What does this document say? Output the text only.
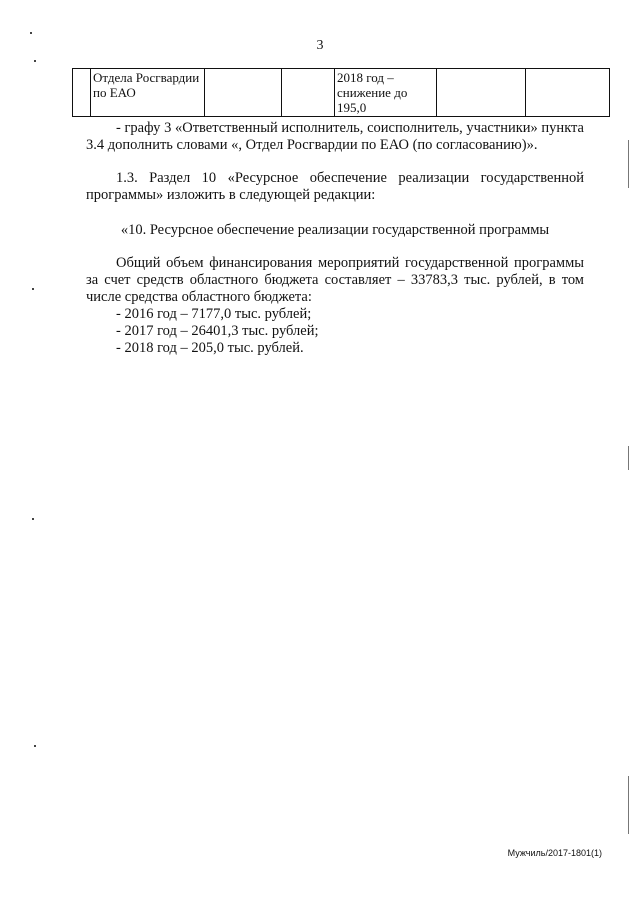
3
	Отдела Росгвардии по ЕАО			2018 год – снижение до 195,0		

- графу 3 «Ответственный исполнитель, соисполнитель, участники» пункта 3.4 дополнить словами «, Отдел Росгвардии по ЕАО (по согласованию)».

1.3. Раздел 10 «Ресурсное обеспечение реализации государственной программы» изложить в следующей редакции:

«10. Ресурсное обеспечение реализации государственной программы

Общий объем финансирования мероприятий государственной программы за счет средств областного бюджета составляет – 33783,3 тыс. рублей, в том числе средства областного бюджета:

- 2016 год – 7177,0 тыс. рублей;
- 2017 год – 26401,3 тыс. рублей;
- 2018 год – 205,0 тыс. рублей.
Мужчиль/2017-1801(1)
